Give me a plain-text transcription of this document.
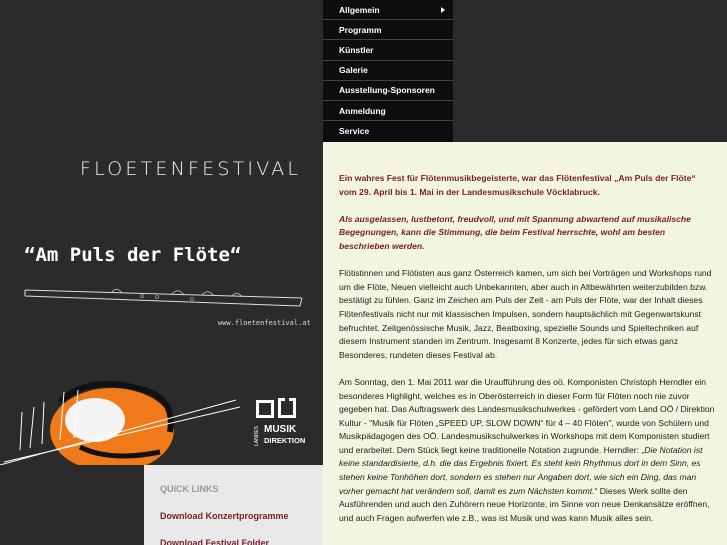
Allgemein
Programm
Künstler
Galerie
Ausstellung-Sponsoren
Anmeldung
Service
FLOETENFESTIVAL
“Am Puls der Flöte“
www.floetenfestival.at
LANDES MUSIK
DIREKTION
QUICK LINKS
Download Konzertprogramme
Download Festival Folder

Ein wahres Fest für Flötenmusikbegeisterte, war das Flötenfestival „Am Puls der Flöte“ vom 29. April bis 1. Mai in der Landesmusikschule Vöcklabruck.

Als ausgelassen, lustbetont, freudvoll, und mit Spannung abwartend auf musikalische Begegnungen, kann die Stimmung, die beim Festival herrschte, wohl am besten beschrieben werden.

Flötistinnen und Flötisten aus ganz Österreich kamen, um sich bei Vorträgen und Workshops rund um die Flöte, Neuen vielleicht auch Unbekannten, aber auch in Altbewährten weiterzubilden bzw. bestätigt zu fühlen. Ganz im Zeichen am Puls der Zeit - am Puls der Flöte, war der Inhalt dieses Flötenfestivals nicht nur mit klassischen Impulsen, sondern hauptsächlich mit Gegenwartskunst befruchtet. Zeitgenössische Musik, Jazz, Beatboxing, spezielle Sounds und Spieltechniken auf diesem Instrument standen im Zentrum. Insgesamt 8 Konzerte, jedes für sich etwas ganz Besonderes, rundeten dieses Festival ab.

Am Sonntag, den 1. Mai 2011 war die Uraufführung des oö. Komponisten Christoph Herndler ein besonderes Highlight, welches es in Oberösterreich in dieser Form für Flöten noch nie zuvor gegeben hat. Das Auftragswerk des Landesmusikschulwerkes - gefördert vom Land OÖ / Direktion Kultur - "Musik für Flöten „SPEED UP, SLOW DOWN“ für 4 – 40 Flöten", wurde von Schülern und Musikpädagogen des OÖ. Landesmusikschulwerkes in Workshops mit dem Komponisten studiert und erarbeitet. Dem Stück liegt keine traditionelle Notation zugrunde. Herndler: „Die Notation ist keine standardisierte, d.h. die das Ergebnis fixiert. Es steht kein Rhythmus dort in dem Sinn, es stehen keine Tonhöhen dort, sondern es stehen nur Angaben dort, wie sich ein Ding, das man vorher gemacht hat verändern soll, damit es zum Nächsten kommt.“ Dieses Werk sollte den Ausführenden und auch den Zuhörern neue Horizonte, im Sinne von neue Denkansätze eröffnen, und auch Fragen aufwerfen wie z.B., was ist Musik und was kann Musik alles sein.
